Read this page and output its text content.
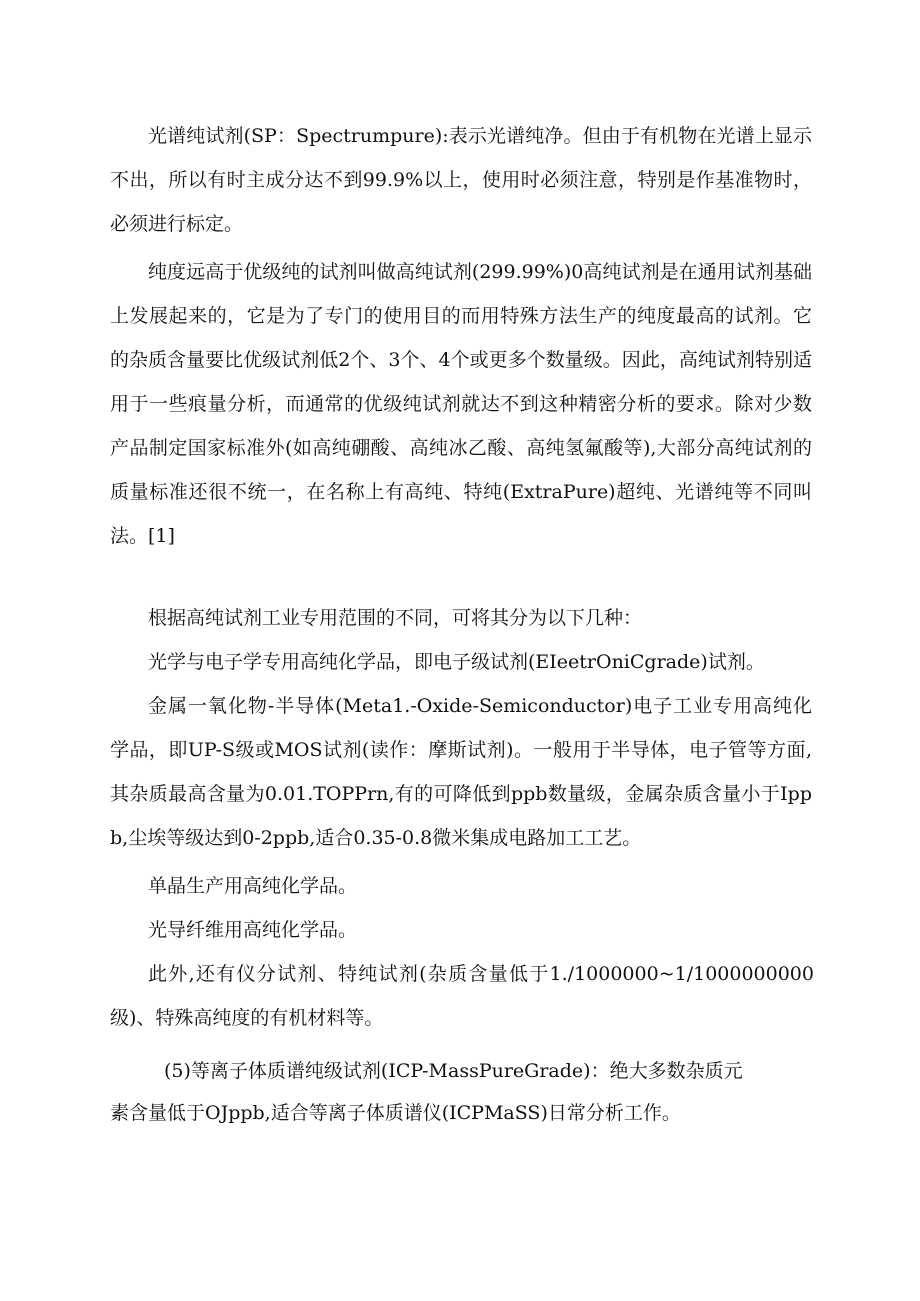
光谱纯试剂(SP：Spectrumpure):表示光谱纯净。但由于有机物在光谱上显示不出，所以有时主成分达不到99.9%以上，使用时必须注意，特别是作基准物时，必须进行标定。

纯度远高于优级纯的试剂叫做高纯试剂(299.99%)0高纯试剂是在通用试剂基础上发展起来的，它是为了专门的使用目的而用特殊方法生产的纯度最高的试剂。它的杂质含量要比优级试剂低2个、3个、4个或更多个数量级。因此，高纯试剂特别适用于一些痕量分析，而通常的优级纯试剂就达不到这种精密分析的要求。除对少数产品制定国家标准外(如高纯硼酸、高纯冰乙酸、高纯氢氟酸等),大部分高纯试剂的质量标准还很不统一，在名称上有高纯、特纯(ExtraPure)超纯、光谱纯等不同叫法。[1]

根据高纯试剂工业专用范围的不同，可将其分为以下几种：

光学与电子学专用高纯化学品，即电子级试剂(EIeetrOniCgrade)试剂。

金属一氧化物-半导体(Meta1.-Oxide-Semiconductor)电子工业专用高纯化学品，即UP-S级或MOS试剂(读作：摩斯试剂)。一般用于半导体，电子管等方面,其杂质最高含量为0.01.TOPPrn,有的可降低到ppb数量级，金属杂质含量小于Ippb,尘埃等级达到0-2ppb,适合0.35-0.8微米集成电路加工工艺。

单晶生产用高纯化学品。

光导纤维用高纯化学品。

此外,还有仪分试剂、特纯试剂(杂质含量低于1./1000000~1/1000000000级)、特殊高纯度的有机材料等。

(5)等离子体质谱纯级试剂(ICP-MassPureGrade)：绝大多数杂质元

素含量低于OJppb,适合等离子体质谱仪(ICPMaSS)日常分析工作。
